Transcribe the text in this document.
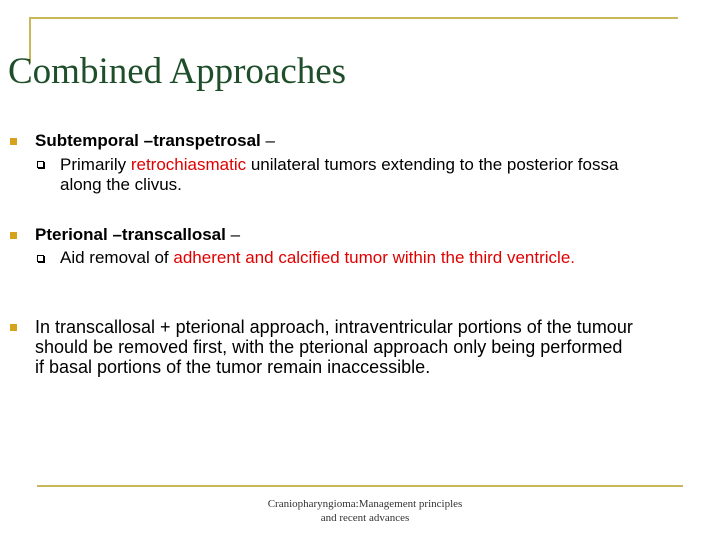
Combined Approaches
Subtemporal –transpetrosal –
Primarily retrochiasmatic unilateral tumors extending to the posterior fossa along the clivus.
Pterional –transcallosal –
Aid removal of adherent and calcified tumor within the third ventricle.
In transcallosal + pterional approach, intraventricular portions of the tumour should be removed first, with the pterional approach only being performed if basal portions of the tumor remain inaccessible.
Craniopharyngioma:Management principles
and recent advances
